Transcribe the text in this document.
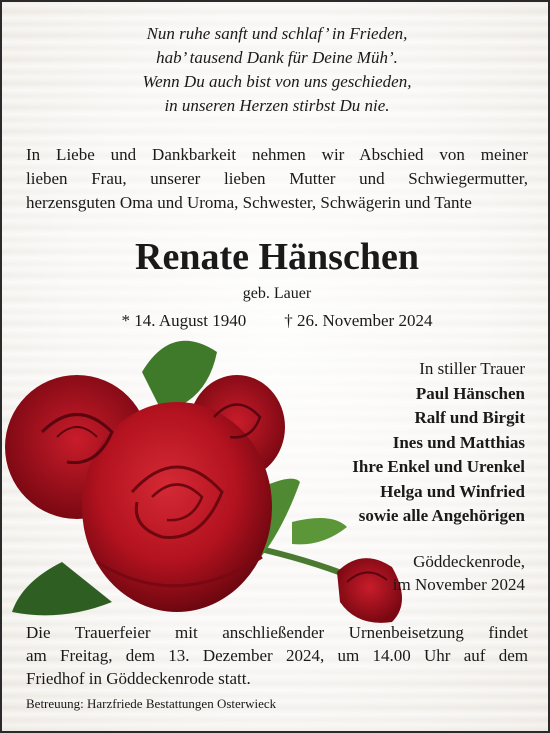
Nun ruhe sanft und schlaf’ in Frieden,
hab’ tausend Dank für Deine Müh’.
Wenn Du auch bist von uns geschieden,
in unseren Herzen stirbst Du nie.
In Liebe und Dankbarkeit nehmen wir Abschied von meiner
lieben Frau, unserer lieben Mutter und Schwiegermutter,
herzensguten Oma und Uroma, Schwester, Schwägerin und Tante
Renate Hänschen
geb. Lauer
* 14. August 1940 † 26. November 2024
In stiller Trauer
Paul Hänschen
Ralf und Birgit
Ines und Matthias
Ihre Enkel und Urenkel
Helga und Winfried
sowie alle Angehörigen
Göddeckenrode,
im November 2024
Die Trauerfeier mit anschließender Urnenbeisetzung findet
am Freitag, dem 13. Dezember 2024, um 14.00 Uhr auf dem
Friedhof in Göddeckenrode statt.
Betreuung: Harzfriede Bestattungen Osterwieck
